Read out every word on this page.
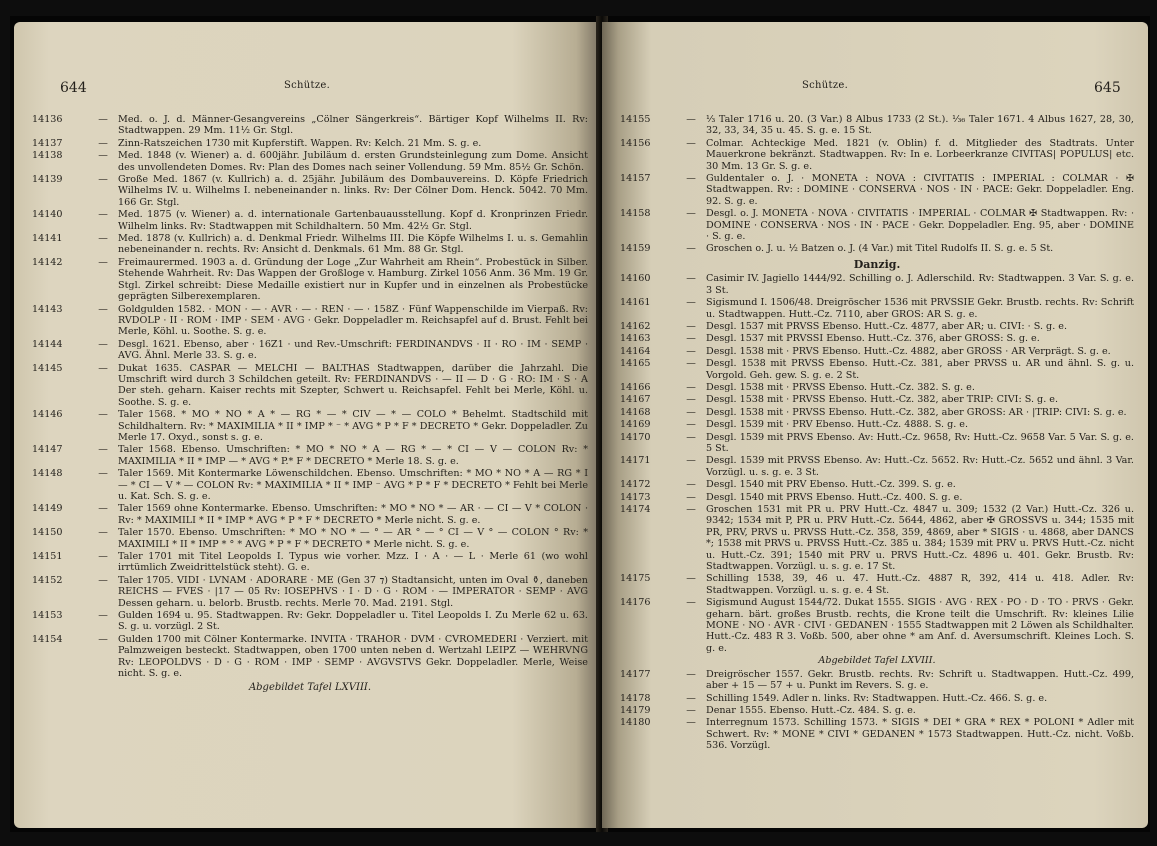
644	Schütze.
14136	—	Med. o. J. d. Männer-Gesangvereins „Cölner Sängerkreis“. Bärtiger Kopf Wilhelms II. Rv: Stadtwappen. 29 Mm. 11½ Gr. Stgl.
14137	—	Zinn-Ratszeichen 1730 mit Kupferstift. Wappen. Rv: Kelch. 21 Mm. S. g. e.
14138	—	Med. 1848 (v. Wiener) a. d. 600jähr. Jubiläum d. ersten Grundsteinlegung zum Dome. Ansicht des unvollendeten Domes. Rv: Plan des Domes nach seiner Vollendung. 59 Mm. 85½ Gr. Schön.
14139	—	Große Med. 1867 (v. Kullrich) a. d. 25jähr. Jubiläum des Dombauvereins. D. Köpfe Friedrich Wilhelms IV. u. Wilhelms I. nebeneinander n. links. Rv: Der Cölner Dom. Henck. 5042. 70 Mm. 166 Gr. Stgl.
14140	—	Med. 1875 (v. Wiener) a. d. internationale Gartenbauausstellung. Kopf d. Kronprinzen Friedr. Wilhelm links. Rv: Stadtwappen mit Schildhaltern. 50 Mm. 42½ Gr. Stgl.
14141	—	Med. 1878 (v. Kullrich) a. d. Denkmal Friedr. Wilhelms III. Die Köpfe Wilhelms I. u. s. Gemahlin nebeneinander n. rechts. Rv: Ansicht d. Denkmals. 61 Mm. 88 Gr. Stgl.
14142	—	Freimaurermed. 1903 a. d. Gründung der Loge „Zur Wahrheit am Rhein“. Probestück in Silber. Stehende Wahrheit. Rv: Das Wappen der Großloge v. Hamburg. Zirkel 1056 Anm. 36 Mm. 19 Gr. Stgl. Zirkel schreibt: Diese Medaille existiert nur in Kupfer und in einzelnen als Probestücke geprägten Silberexemplaren.
14143	—	Goldgulden 1582. · MON · — · AVR · — · REN · — · 158Z · Fünf Wappenschilde im Vierpaß. Rv: RVDOLP · II · ROM · IMP · SEM · AVG · Gekr. Doppeladler m. Reichsapfel auf d. Brust. Fehlt bei Merle, Köhl. u. Soothe. S. g. e.
14144	—	Desgl. 1621. Ebenso, aber · 16Z1 · und Rev.-Umschrift: FERDINANDVS · II · RO · IM · SEMP · AVG. Ähnl. Merle 33. S. g. e.
14145	—	Dukat 1635. CASPAR — MELCHI — BALTHAS Stadtwappen, darüber die Jahrzahl. Die Umschrift wird durch 3 Schildchen geteilt. Rv: FERDINANDVS · — II — D · G · RO: IM · S · A Der steh. geharn. Kaiser rechts mit Szepter, Schwert u. Reichsapfel. Fehlt bei Merle, Köhl. u. Soothe. S. g. e.
14146	—	Taler 1568. * MO * NO * A * — RG * — * CIV — * — COLO * Behelmt. Stadtschild mit Schildhaltern. Rv: * MAXIMILIA * II * IMP * ⁻ * AVG * P * F * DECRETO * Gekr. Doppeladler. Zu Merle 17. Oxyd., sonst s. g. e.
14147	—	Taler 1568. Ebenso. Umschriften: * MO * NO * A — RG * — * CI — V — COLON Rv: * MAXIMILIA * II * IMP — * AVG * P.* F * DECRETO * Merle 18. S. g. e.
14148	—	Taler 1569. Mit Kontermarke Löwenschildchen. Ebenso. Umschriften: * MO * NO * A — RG * I — * CI — V * — COLON Rv: * MAXIMILIA * II * IMP ⁻ AVG * P * F * DECRETO * Fehlt bei Merle u. Kat. Sch. S. g. e.
14149	—	Taler 1569 ohne Kontermarke. Ebenso. Umschriften: * MO * NO * — AR · — CI — V * COLON · Rv: * MAXIMILI * II * IMP * AVG * P * F * DECRETO * Merle nicht. S. g. e.
14150	—	Taler 1570. Ebenso. Umschriften: * MO * NO * — ° — AR ° — ° CI — V ° — COLON ° Rv: * MAXIMILI * II * IMP * ° * AVG * P * F * DECRETO * Merle nicht. S. g. e.
14151	—	Taler 1701 mit Titel Leopolds I. Typus wie vorher. Mzz. I · A · — L · Merle 61 (wo wohl irrtümlich Zweidrittelstück steht). G. e.
14152	—	Taler 1705. VIDI · LVNAM · ADORARE · ME (Gen 37 ⁊) Stadtansicht, unten im Oval ⚱, daneben REICHS — FVES · |17 — 05 Rv: IOSEPHVS · I · D · G · ROM · — IMPERATOR · SEMP · AVG Dessen geharn. u. belorb. Brustb. rechts. Merle 70. Mad. 2191. Stgl.
14153	—	Gulden 1694 u. 95. Stadtwappen. Rv: Gekr. Doppeladler u. Titel Leopolds I. Zu Merle 62 u. 63. S. g. u. vorzügl. 2 St.
14154	—	Gulden 1700 mit Cölner Kontermarke. INVITA · TRAHOR · DVM · CVROMEDERI · Verziert. mit Palmzweigen besteckt. Stadtwappen, oben 1700 unten neben d. Wertzahl LEIPZ — WEHRVNG Rv: LEOPOLDVS · D · G · ROM · IMP · SEMP · AVGVSTVS Gekr. Doppeladler. Merle, Weise nicht. S. g. e.
Abgebildet Tafel LXVIII.
Schütze.	645
14155	—	⅓ Taler 1716 u. 20. (3 Var.) 8 Albus 1733 (2 St.). ⅓₆ Taler 1671. 4 Albus 1627, 28, 30, 32, 33, 34, 35 u. 45. S. g. e. 15 St.
14156	—	Colmar. Achteckige Med. 1821 (v. Oblin) f. d. Mitglieder des Stadtrats. Unter Mauerkrone bekränzt. Stadtwappen. Rv: In e. Lorbeerkranze CIVITAS| POPULUS| etc. 30 Mm. 13 Gr. S. g. e.
14157	—	Guldentaler o. J. · MONETA : NOVA : CIVITATIS : IMPERIAL : COLMAR · ✠ Stadtwappen. Rv: : DOMINE · CONSERVA · NOS · IN · PACE: Gekr. Doppeladler. Eng. 92. S. g. e.
14158	—	Desgl. o. J. MONETA · NOVA · CIVITATIS · IMPERIAL · COLMAR ✠ Stadtwappen. Rv: · DOMINE · CONSERVA · NOS · IN · PACE · Gekr. Doppeladler. Eng. 95, aber · DOMINE · S. g. e.
14159	—	Groschen o. J. u. ½ Batzen o. J. (4 Var.) mit Titel Rudolfs II. S. g. e. 5 St.
Danzig.
14160	—	Casimir IV. Jagiello 1444/92. Schilling o. J. Adlerschild. Rv: Stadtwappen. 3 Var. S. g. e. 3 St.
14161	—	Sigismund I. 1506/48. Dreigröscher 1536 mit PRVSSIE Gekr. Brustb. rechts. Rv: Schrift u. Stadtwappen. Hutt.-Cz. 7110, aber GROS: AR S. g. e.
14162	—	Desgl. 1537 mit PRVSS Ebenso. Hutt.-Cz. 4877, aber AR; u. CIVI: · S. g. e.
14163	—	Desgl. 1537 mit PRVSSI Ebenso. Hutt.-Cz. 376, aber GROSS: S. g. e.
14164	—	Desgl. 1538 mit · PRVS Ebenso. Hutt.-Cz. 4882, aber GROSS · AR Verprägt. S. g. e.
14165	—	Desgl. 1538 mit PRVSS Ebenso. Hutt.-Cz. 381, aber PRVSS u. AR und ähnl. S. g. u. Vorgold. Geh. gew. S. g. e. 2 St.
14166	—	Desgl. 1538 mit · PRVSS Ebenso. Hutt.-Cz. 382. S. g. e.
14167	—	Desgl. 1538 mit · PRVSS Ebenso. Hutt.-Cz. 382, aber TRIP: CIVI: S. g. e.
14168	—	Desgl. 1538 mit · PRVSS Ebenso. Hutt.-Cz. 382, aber GROSS: AR · |TRIP: CIVI: S. g. e.
14169	—	Desgl. 1539 mit · PRV Ebenso. Hutt.-Cz. 4888. S. g. e.
14170	—	Desgl. 1539 mit PRVS Ebenso. Av: Hutt.-Cz. 9658, Rv: Hutt.-Cz. 9658 Var. 5 Var. S. g. e. 5 St.
14171	—	Desgl. 1539 mit PRVSS Ebenso. Av: Hutt.-Cz. 5652. Rv: Hutt.-Cz. 5652 und ähnl. 3 Var. Vorzügl. u. s. g. e. 3 St.
14172	—	Desgl. 1540 mit PRV Ebenso. Hutt.-Cz. 399. S. g. e.
14173	—	Desgl. 1540 mit PRVS Ebenso. Hutt.-Cz. 400. S. g. e.
14174	—	Groschen 1531 mit PR u. PRV Hutt.-Cz. 4847 u. 309; 1532 (2 Var.) Hutt.-Cz. 326 u. 9342; 1534 mit P, PR u. PRV Hutt.-Cz. 5644, 4862, aber ✠ GROSSVS u. 344; 1535 mit PR, PRV, PRVS u. PRVSS Hutt.-Cz. 358, 359, 4869, aber * SIGIS · u. 4868, aber DANCS *; 1538 mit PRVS u. PRVSS Hutt.-Cz. 385 u. 384; 1539 mit PRV u. PRVS Hutt.-Cz. nicht u. Hutt.-Cz. 391; 1540 mit PRV u. PRVS Hutt.-Cz. 4896 u. 401. Gekr. Brustb. Rv: Stadtwappen. Vorzügl. u. s. g. e. 17 St.
14175	—	Schilling 1538, 39, 46 u. 47. Hutt.-Cz. 4887 R, 392, 414 u. 418. Adler. Rv: Stadtwappen. Vorzügl. u. s. g. e. 4 St.
14176	—	Sigismund August 1544/72. Dukat 1555. SIGIS · AVG · REX · PO · D · TO · PRVS · Gekr. geharn. bärt. großes Brustb. rechts, die Krone teilt die Umschrift. Rv: kleines Lilie MONE · NO · AVR · CIVI · GEDANEN · 1555 Stadtwappen mit 2 Löwen als Schildhalter. Hutt.-Cz. 483 R 3. Voßb. 500, aber ohne * am Anf. d. Aversumschrift. Kleines Loch. S. g. e.
Abgebildet Tafel LXVIII.
14177	—	Dreigröscher 1557. Gekr. Brustb. rechts. Rv: Schrift u. Stadtwappen. Hutt.-Cz. 499, aber + 15 — 57 + u. Punkt im Revers. S. g. e.
14178	—	Schilling 1549. Adler n. links. Rv: Stadtwappen. Hutt.-Cz. 466. S. g. e.
14179	—	Denar 1555. Ebenso. Hutt.-Cz. 484. S. g. e.
14180	—	Interregnum 1573. Schilling 1573. * SIGIS * DEI * GRA * REX * POLONI * Adler mit Schwert. Rv: * MONE * CIVI * GEDANEN * 1573 Stadtwappen. Hutt.-Cz. nicht. Voßb. 536. Vorzügl.
